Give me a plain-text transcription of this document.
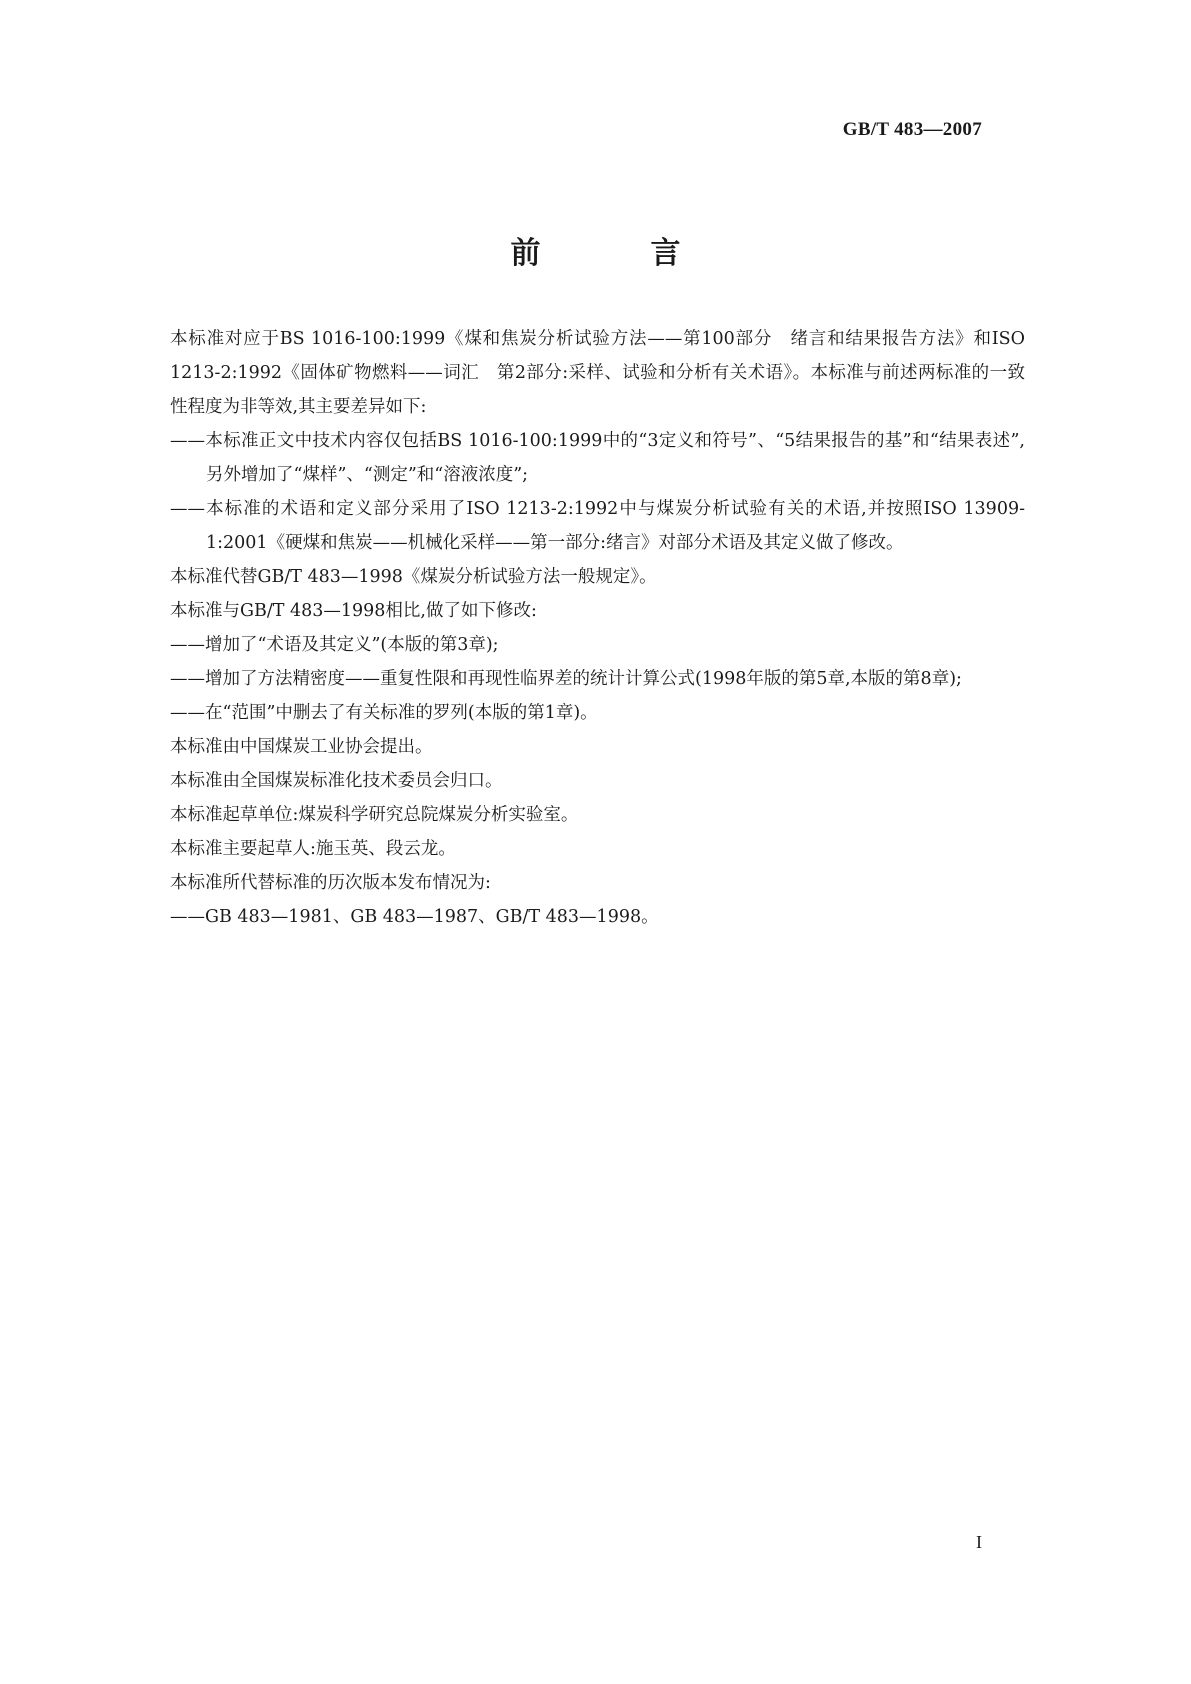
GB/T 483—2007
前　言

本标准对应于BS 1016-100:1999《煤和焦炭分析试验方法——第100部分　绪言和结果报告方法》和ISO 1213-2:1992《固体矿物燃料——词汇　第2部分:采样、试验和分析有关术语》。本标准与前述两标准的一致性程度为非等效,其主要差异如下:

——本标准正文中技术内容仅包括BS 1016-100:1999中的“3定义和符号”、“5结果报告的基”和“结果表述”,另外增加了“煤样”、“测定”和“溶液浓度”;

——本标准的术语和定义部分采用了ISO 1213-2:1992中与煤炭分析试验有关的术语,并按照ISO 13909-1:2001《硬煤和焦炭——机械化采样——第一部分:绪言》对部分术语及其定义做了修改。

本标准代替GB/T 483—1998《煤炭分析试验方法一般规定》。

本标准与GB/T 483—1998相比,做了如下修改:

——增加了“术语及其定义”(本版的第3章);

——增加了方法精密度——重复性限和再现性临界差的统计计算公式(1998年版的第5章,本版的第8章);

——在“范围”中删去了有关标准的罗列(本版的第1章)。

本标准由中国煤炭工业协会提出。

本标准由全国煤炭标准化技术委员会归口。

本标准起草单位:煤炭科学研究总院煤炭分析实验室。

本标准主要起草人:施玉英、段云龙。

本标准所代替标准的历次版本发布情况为:

——GB 483—1981、GB 483—1987、GB/T 483—1998。

I
